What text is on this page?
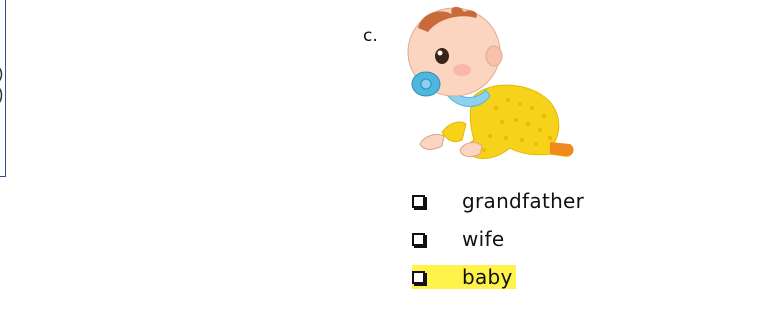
c.
grandfather
wife
baby
